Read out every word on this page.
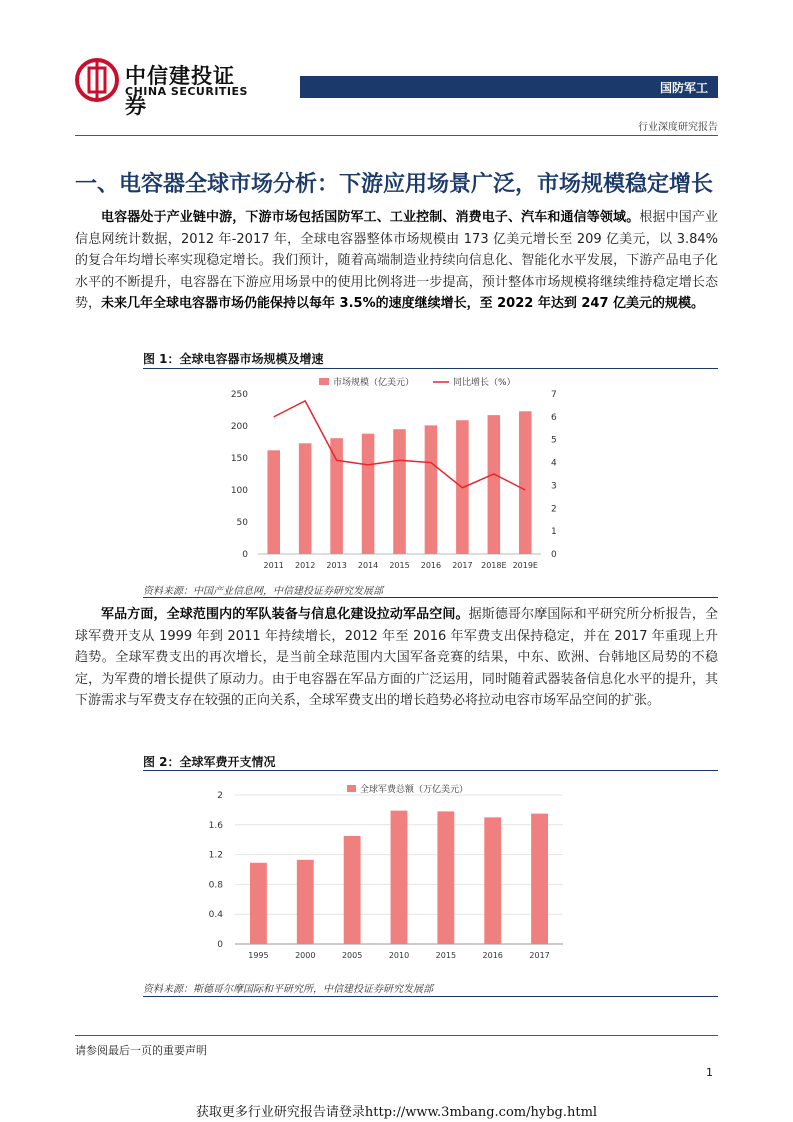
中信建投证券
CHINA SECURITIES	国防军工
行业深度研究报告
一、电容器全球市场分析：下游应用场景广泛，市场规模稳定增长
电容器处于产业链中游，下游市场包括国防军工、工业控制、消费电子、汽车和通信等领域。根据中国产业信息网统计数据，2012 年-2017 年，全球电容器整体市场规模由 173 亿美元增长至 209 亿美元，以 3.84%的复合年均增长率实现稳定增长。我们预计，随着高端制造业持续向信息化、智能化水平发展，下游产品电子化水平的不断提升，电容器在下游应用场景中的使用比例将进一步提高，预计整体市场规模将继续维持稳定增长态势，未来几年全球电容器市场仍能保持以每年 3.5%的速度继续增长，至 2022 年达到 247 亿美元的规模。
图 1：全球电容器市场规模及增速
市场规模（亿美元）	同比增长（%）
0
50
100
150
200
250
0
1
2
3
4
5
6
7
2011 2012 2013 2014 2015 2016 2017 2018E 2019E
资料来源：中国产业信息网，中信建投证券研究发展部
军品方面，全球范围内的军队装备与信息化建设拉动军品空间。据斯德哥尔摩国际和平研究所分析报告，全球军费开支从 1999 年到 2011 年持续增长，2012 年至 2016 年军费支出保持稳定，并在 2017 年重现上升趋势。全球军费支出的再次增长，是当前全球范围内大国军备竞赛的结果，中东、欧洲、台韩地区局势的不稳定，为军费的增长提供了原动力。由于电容器在军品方面的广泛运用，同时随着武器装备信息化水平的提升，其下游需求与军费支存在较强的正向关系，全球军费支出的增长趋势必将拉动电容市场军品空间的扩张。
图 2：全球军费开支情况
全球军费总额（万亿美元）
0
0.4
0.8
1.2
1.6
2
1995	2000	2005	2010	2015	2016	2017
资料来源：斯德哥尔摩国际和平研究所，中信建投证券研究发展部
请参阅最后一页的重要声明
1
获取更多行业研究报告请登录http://www.3mbang.com/hybg.html
